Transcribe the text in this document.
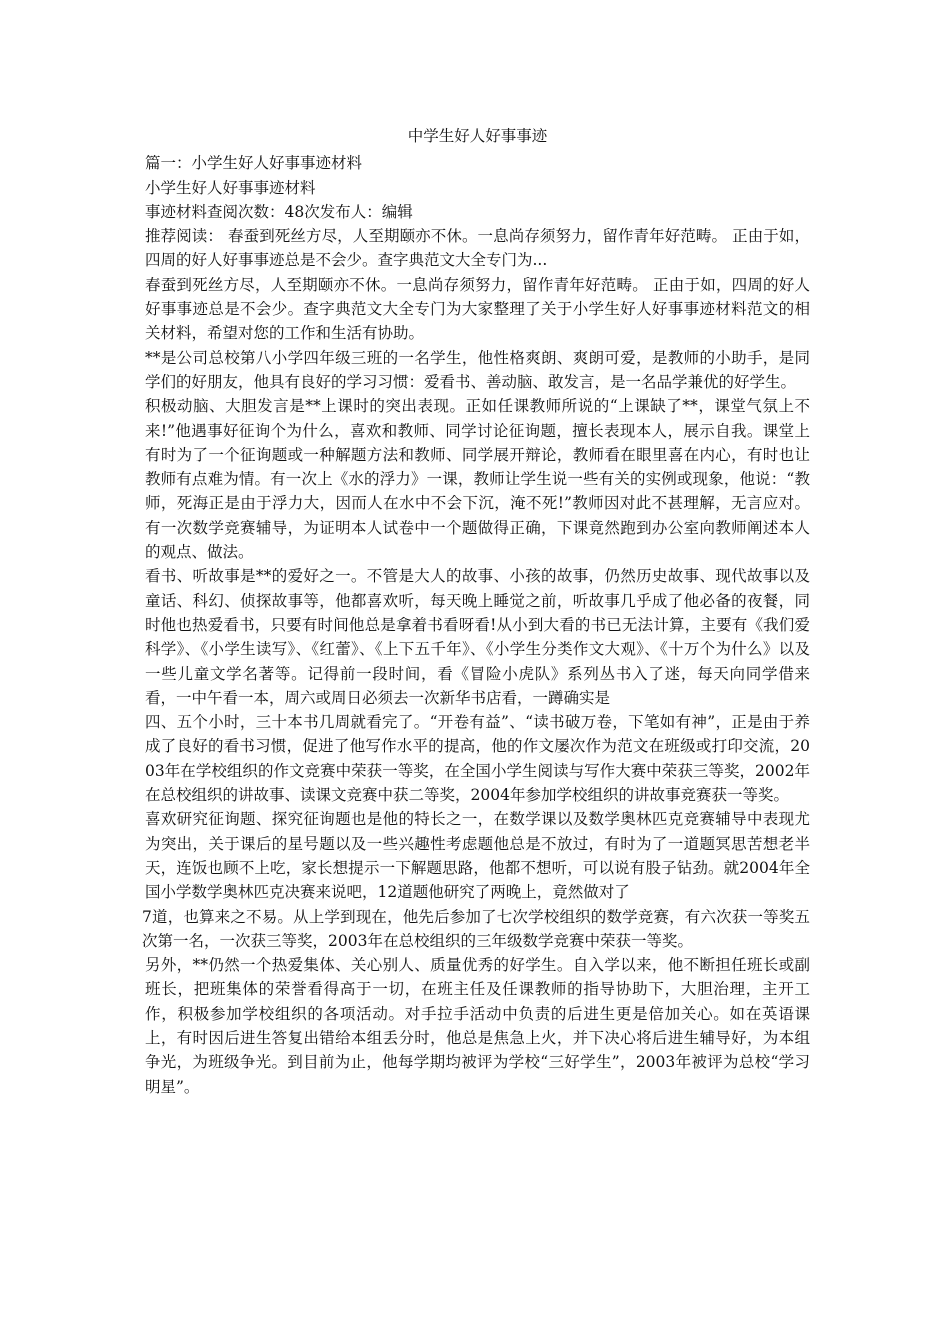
中学生好人好事事迹

篇一：小学生好人好事事迹材料

小学生好人好事事迹材料

事迹材料查阅次数：48次发布人：编辑

推荐阅读： 春蚕到死丝方尽，人至期颐亦不休。一息尚存须努力，留作青年好范畴。 正由于如，四周的好人好事事迹总是不会少。查字典范文大全专门为...

春蚕到死丝方尽，人至期颐亦不休。一息尚存须努力，留作青年好范畴。 正由于如，四周的好人好事事迹总是不会少。查字典范文大全专门为大家整理了关于小学生好人好事事迹材料范文的相关材料，希望对您的工作和生活有协助。

**是公司总校第八小学四年级三班的一名学生，他性格爽朗、爽朗可爱，是教师的小助手，是同学们的好朋友，他具有良好的学习习惯：爱看书、善动脑、敢发言，是一名品学兼优的好学生。

积极动脑、大胆发言是**上课时的突出表现。正如任课教师所说的“上课缺了**，课堂气氛上不来!”他遇事好征询个为什么，喜欢和教师、同学讨论征询题，擅长表现本人，展示自我。课堂上有时为了一个征询题或一种解题方法和教师、同学展开辩论，教师看在眼里喜在内心，有时也让教师有点难为情。有一次上《水的浮力》一课，教师让学生说一些有关的实例或现象，他说：“教师，死海正是由于浮力大，因而人在水中不会下沉，淹不死!”教师因对此不甚理解，无言应对。有一次数学竞赛辅导，为证明本人试卷中一个题做得正确，下课竟然跑到办公室向教师阐述本人的观点、做法。

看书、听故事是**的爱好之一。不管是大人的故事、小孩的故事，仍然历史故事、现代故事以及童话、科幻、侦探故事等，他都喜欢听，每天晚上睡觉之前，听故事几乎成了他必备的夜餐，同时他也热爱看书，只要有时间他总是拿着书看呀看!从小到大看的书已无法计算，主要有《我们爱科学》、《小学生读写》、《红蕾》、《上下五千年》、《小学生分类作文大观》、《十万个为什么》以及一些儿童文学名著等。记得前一段时间，看《冒险小虎队》系列丛书入了迷，每天向同学借来看，一中午看一本，周六或周日必须去一次新华书店看，一蹲确实是

四、五个小时，三十本书几周就看完了。“开卷有益”、“读书破万卷，下笔如有神”，正是由于养成了良好的看书习惯，促进了他写作水平的提高，他的作文屡次作为范文在班级或打印交流，2003年在学校组织的作文竞赛中荣获一等奖，在全国小学生阅读与写作大赛中荣获三等奖，2002年在总校组织的讲故事、读课文竞赛中获二等奖，2004年参加学校组织的讲故事竞赛获一等奖。

喜欢研究征询题、探究征询题也是他的特长之一，在数学课以及数学奥林匹克竞赛辅导中表现尤为突出，关于课后的星号题以及一些兴趣性考虑题他总是不放过，有时为了一道题冥思苦想老半天，连饭也顾不上吃，家长想提示一下解题思路，他都不想听，可以说有股子钻劲。就2004年全国小学数学奥林匹克决赛来说吧，12道题他研究了两晚上，竟然做对了

7道，也算来之不易。从上学到现在，他先后参加了七次学校组织的数学竞赛，有六次获一等奖五次第一名，一次获三等奖，2003年在总校组织的三年级数学竞赛中荣获一等奖。

另外，**仍然一个热爱集体、关心别人、质量优秀的好学生。自入学以来，他不断担任班长或副班长，把班集体的荣誉看得高于一切，在班主任及任课教师的指导协助下，大胆治理，主开工作，积极参加学校组织的各项活动。对手拉手活动中负责的后进生更是倍加关心。如在英语课上，有时因后进生答复出错给本组丢分时，他总是焦急上火，并下决心将后进生辅导好，为本组争光，为班级争光。到目前为止，他每学期均被评为学校“三好学生”，2003年被评为总校“学习明星”。
